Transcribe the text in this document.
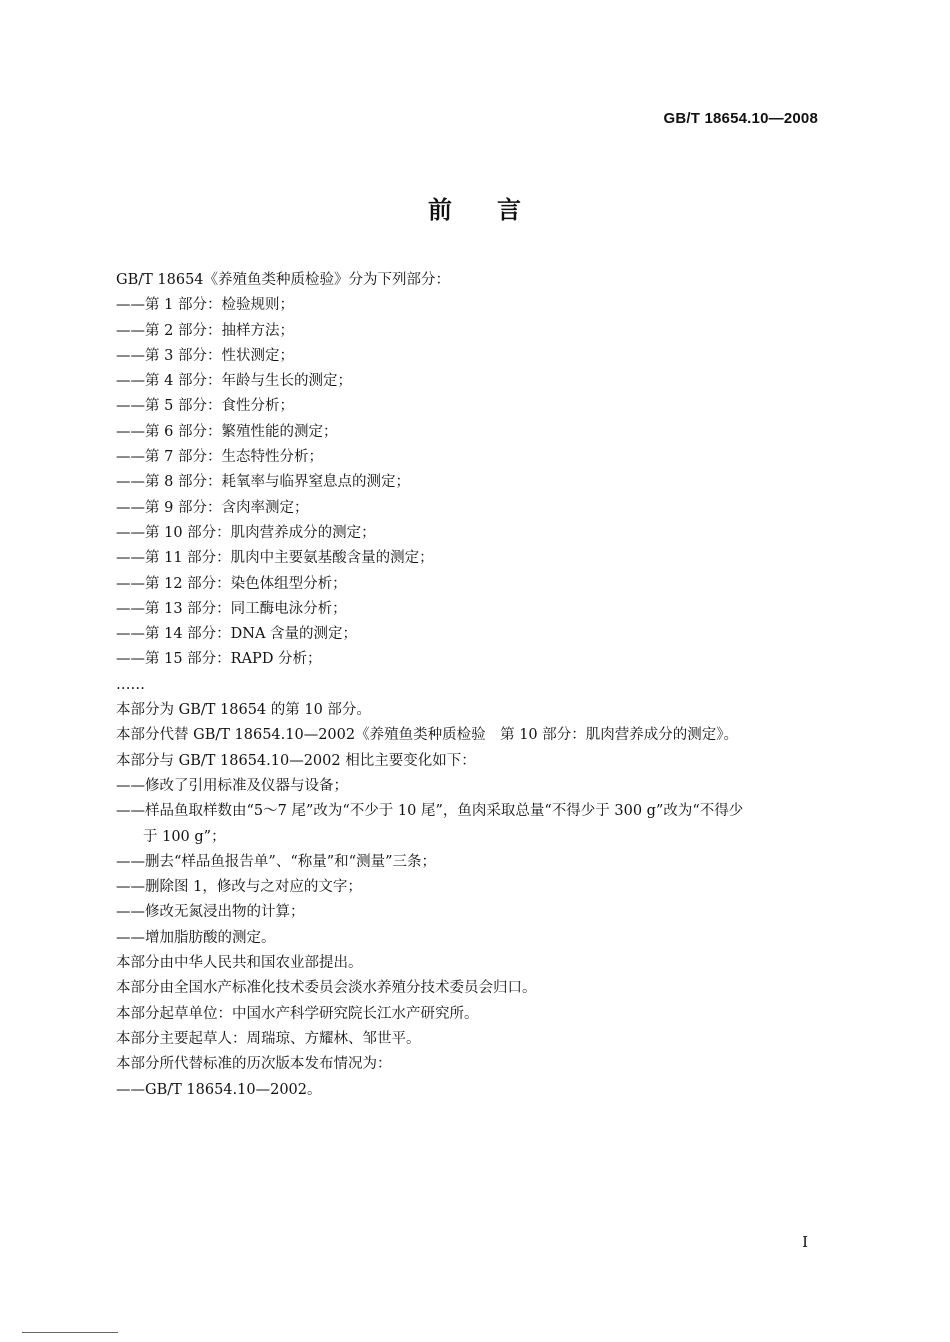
GB/T 18654.10—2008
前 言
GB/T 18654《养殖鱼类种质检验》分为下列部分：
——第 1 部分：检验规则；
——第 2 部分：抽样方法；
——第 3 部分：性状测定；
——第 4 部分：年龄与生长的测定；
——第 5 部分：食性分析；
——第 6 部分：繁殖性能的测定；
——第 7 部分：生态特性分析；
——第 8 部分：耗氧率与临界窒息点的测定；
——第 9 部分：含肉率测定；
——第 10 部分：肌肉营养成分的测定；
——第 11 部分：肌肉中主要氨基酸含量的测定；
——第 12 部分：染色体组型分析；
——第 13 部分：同工酶电泳分析；
——第 14 部分：DNA 含量的测定；
——第 15 部分：RAPD 分析；
……
本部分为 GB/T 18654 的第 10 部分。
本部分代替 GB/T 18654.10—2002《养殖鱼类种质检验　第 10 部分：肌肉营养成分的测定》。
本部分与 GB/T 18654.10—2002 相比主要变化如下：
——修改了引用标准及仪器与设备；
——样品鱼取样数由“5～7 尾”改为“不少于 10 尾”，鱼肉采取总量“不得少于 300 g”改为“不得少
于 100 g”；
——删去“样品鱼报告单”、“称量”和“测量”三条；
——删除图 1，修改与之对应的文字；
——修改无氮浸出物的计算；
——增加脂肪酸的测定。
本部分由中华人民共和国农业部提出。
本部分由全国水产标准化技术委员会淡水养殖分技术委员会归口。
本部分起草单位：中国水产科学研究院长江水产研究所。
本部分主要起草人：周瑞琼、方耀林、邹世平。
本部分所代替标准的历次版本发布情况为：
——GB/T 18654.10—2002。
I
